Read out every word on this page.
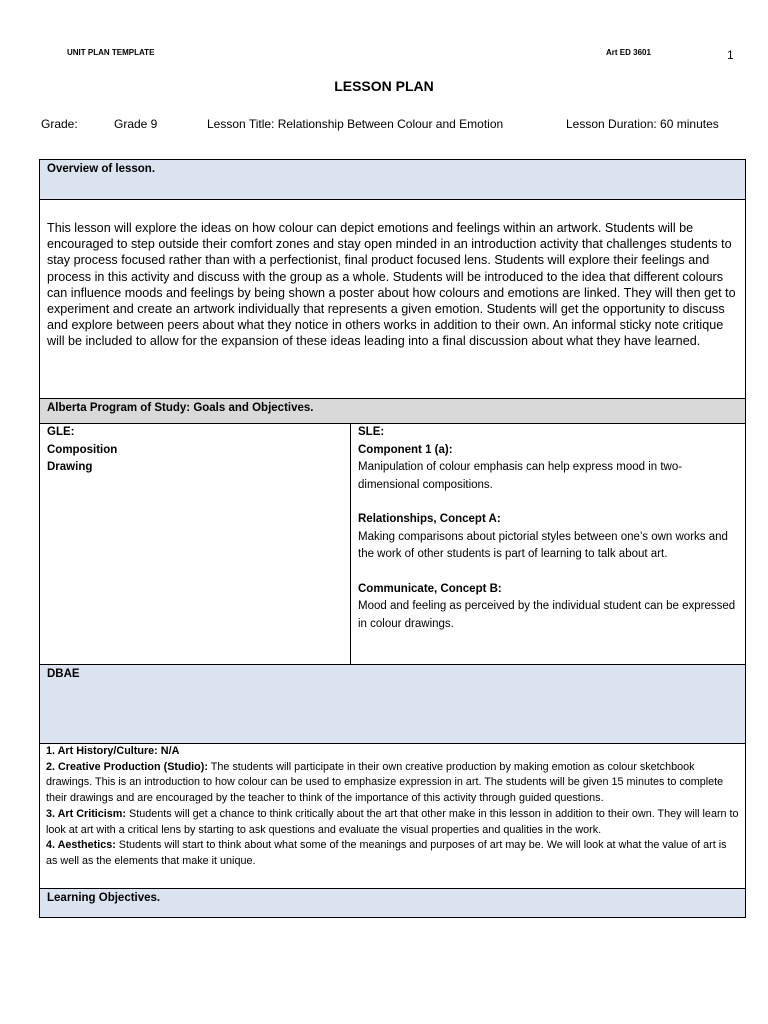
UNIT PLAN TEMPLATE	Art ED 3601	1
LESSON PLAN
Grade:	Grade 9	Lesson Title: Relationship Between Colour and Emotion	Lesson Duration: 60 minutes
Overview of lesson.
This lesson will explore the ideas on how colour can depict emotions and feelings within an artwork. Students will be encouraged to step outside their comfort zones and stay open minded in an introduction activity that challenges students to stay process focused rather than with a perfectionist, final product focused lens. Students will explore their feelings and process in this activity and discuss with the group as a whole. Students will be introduced to the idea that different colours can influence moods and feelings by being shown a poster about how colours and emotions are linked. They will then get to experiment and create an artwork individually that represents a given emotion. Students will get the opportunity to discuss and explore between peers about what they notice in others works in addition to their own. An informal sticky note critique will be included to allow for the expansion of these ideas leading into a final discussion about what they have learned.
Alberta Program of Study: Goals and Objectives.

GLE:

Composition

Drawing

SLE:

Component 1 (a):

Manipulation of colour emphasis can help express mood in two-dimensional compositions.

Relationships, Concept A:

Making comparisons about pictorial styles between one’s own works and the work of other students is part of learning to talk about art.

Communicate, Concept B:

Mood and feeling as perceived by the individual student can be expressed in colour drawings.

DBAE

1. Art History/Culture: N/A
2. Creative Production (Studio): The students will participate in their own creative production by making emotion as colour sketchbook drawings. This is an introduction to how colour can be used to emphasize expression in art. The students will be given 15 minutes to complete their drawings and are encouraged by the teacher to think of the importance of this activity through guided questions.
3. Art Criticism: Students will get a chance to think critically about the art that other make in this lesson in addition to their own. They will learn to look at art with a critical lens by starting to ask questions and evaluate the visual properties and qualities in the work.
4. Aesthetics: Students will start to think about what some of the meanings and purposes of art may be. We will look at what the value of art is as well as the elements that make it unique.

Learning Objectives.
